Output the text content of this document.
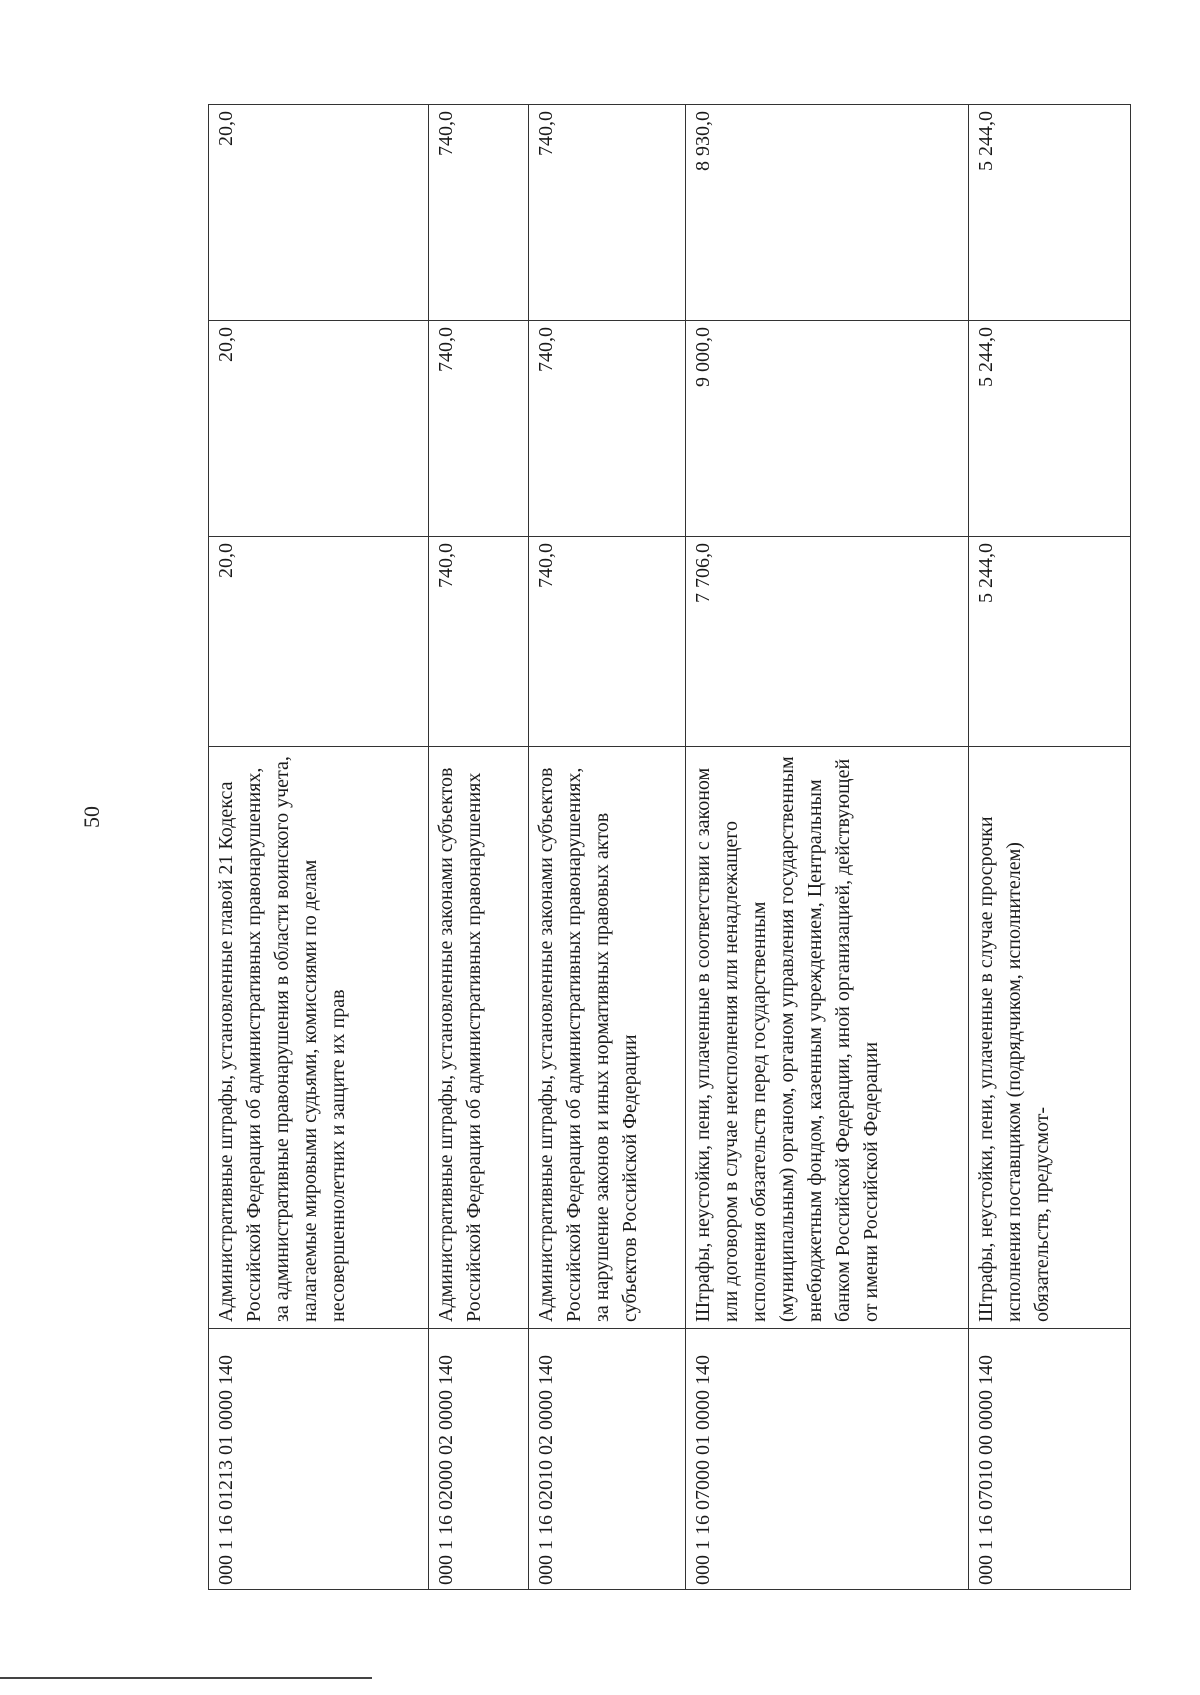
50
000 1 16 01213 01 0000 140	Административные штрафы, установленные главой 21 Кодекса Российской Федерации об административных правонарушениях, за административные правонарушения в области воинского учета, налагаемые мировыми судьями, комиссиями по делам несовершеннолетних и защите их прав	20,0	20,0	20,0
000 1 16 02000 02 0000 140	Административные штрафы, установленные законами субъектов Российской Федерации об административных правонарушениях	740,0	740,0	740,0
000 1 16 02010 02 0000 140	Административные штрафы, установленные законами субъектов Российской Федерации об административных правонарушениях, за нарушение законов и иных нормативных правовых актов субъектов Российской Федерации	740,0	740,0	740,0
000 1 16 07000 01 0000 140	Штрафы, неустойки, пени, уплаченные в соответствии с законом или договором в случае неисполнения или ненадлежащего исполнения обязательств перед государственным (муниципальным) органом, органом управления государственным внебюджетным фондом, казенным учреждением, Центральным банком Российской Федерации, иной организацией, действующей от имени Российской Федерации	7 706,0	9 000,0	8 930,0
000 1 16 07010 00 0000 140	Штрафы, неустойки, пени, уплаченные в случае просрочки исполнения поставщиком (подрядчиком, исполнителем) обязательств, предусмот-	5 244,0	5 244,0	5 244,0
